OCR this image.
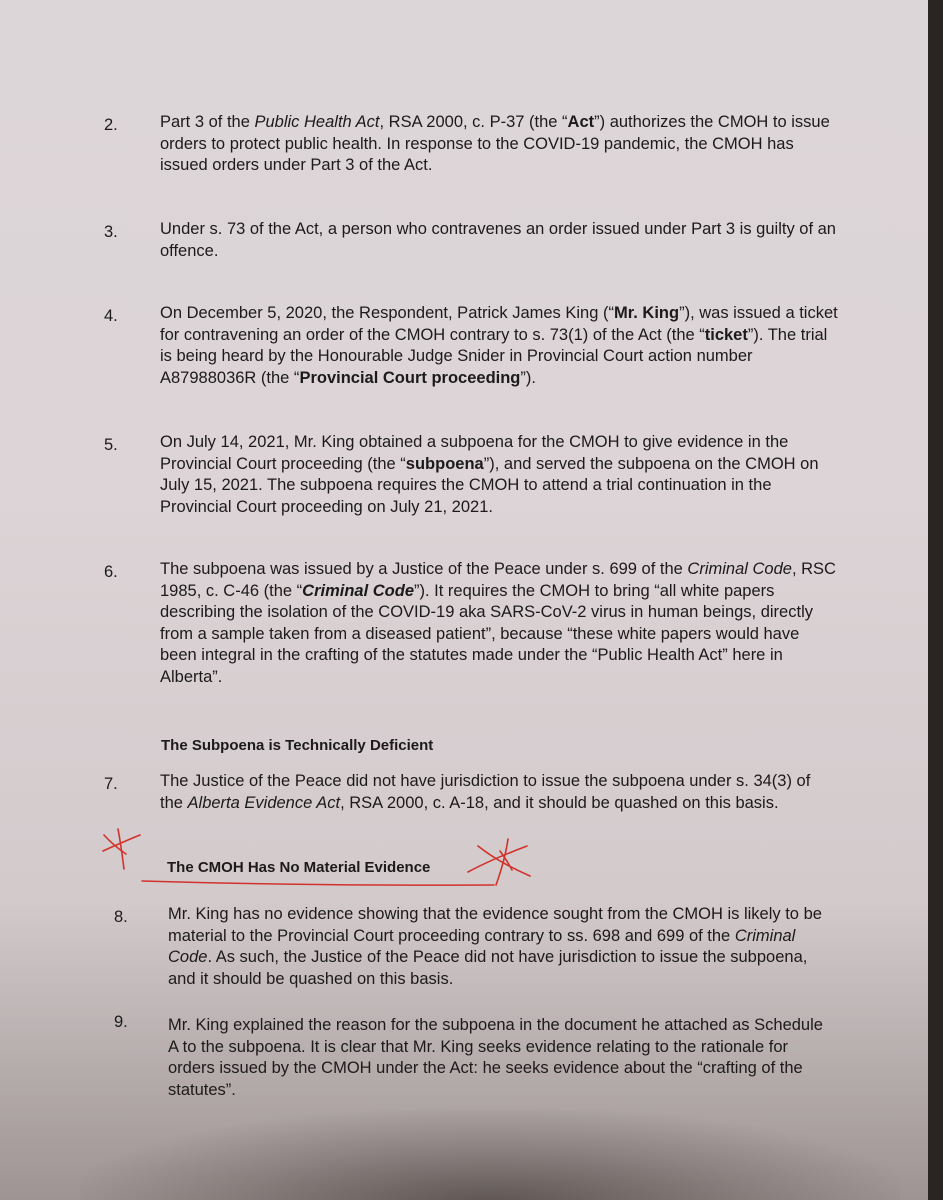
2.	Part 3 of the Public Health Act, RSA 2000, c. P-37 (the “Act”) authorizes the CMOH to issue orders to protect public health. In response to the COVID-19 pandemic, the CMOH has issued orders under Part 3 of the Act.
3.	Under s. 73 of the Act, a person who contravenes an order issued under Part 3 is guilty of an offence.
4.	On December 5, 2020, the Respondent, Patrick James King (“Mr. King”), was issued a ticket for contravening an order of the CMOH contrary to s. 73(1) of the Act (the “ticket”). The trial is being heard by the Honourable Judge Snider in Provincial Court action number A87988036R (the “Provincial Court proceeding”).
5.	On July 14, 2021, Mr. King obtained a subpoena for the CMOH to give evidence in the Provincial Court proceeding (the “subpoena”), and served the subpoena on the CMOH on July 15, 2021. The subpoena requires the CMOH to attend a trial continuation in the Provincial Court proceeding on July 21, 2021.
6.	The subpoena was issued by a Justice of the Peace under s. 699 of the Criminal Code, RSC 1985, c. C-46 (the “Criminal Code”). It requires the CMOH to bring “all white papers describing the isolation of the COVID-19 aka SARS-CoV-2 virus in human beings, directly from a sample taken from a diseased patient”, because “these white papers would have been integral in the crafting of the statutes made under the “Public Health Act” here in Alberta”.
The Subpoena is Technically Deficient
7.	The Justice of the Peace did not have jurisdiction to issue the subpoena under s. 34(3) of the Alberta Evidence Act, RSA 2000, c. A-18, and it should be quashed on this basis.
The CMOH Has No Material Evidence
8. Mr. King has no evidence showing that the evidence sought from the CMOH is likely to be material to the Provincial Court proceeding contrary to ss. 698 and 699 of the Criminal Code. As such, the Justice of the Peace did not have jurisdiction to issue the subpoena, and it should be quashed on this basis.
9. Mr. King explained the reason for the subpoena in the document he attached as Schedule A to the subpoena. It is clear that Mr. King seeks evidence relating to the rationale for orders issued by the CMOH under the Act: he seeks evidence about the “crafting of the statutes”.
